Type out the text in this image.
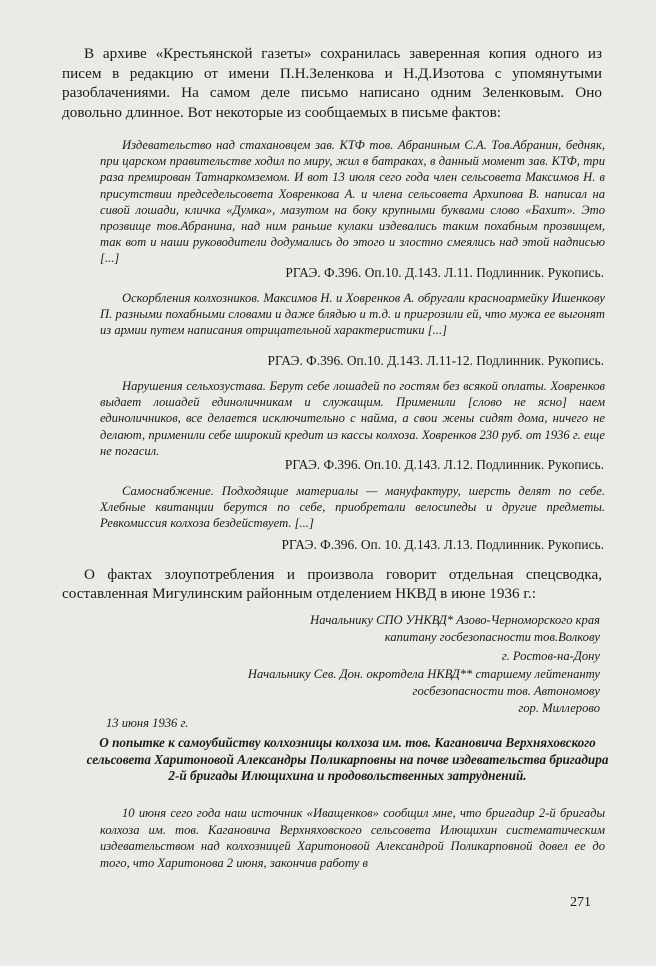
В архиве «Крестьянской газеты» сохранилась заверенная копия одного из писем в редакцию от имени П.Н.Зеленкова и Н.Д.Изотова с упомянутыми разоблачениями. На самом деле письмо написано одним Зеленковым. Оно довольно длинное. Вот некоторые из сообщаемых в письме фактов:

Издевательство над стахановцем зав. КТФ тов. Абраниным С.А. Тов.Абранин, бедняк, при царском правительстве ходил по миру, жил в батраках, в данный момент зав. КТФ, три раза премирован Татнаркомземом. И вот 13 июля сего года член сельсовета Максимов Н. в присутствии председельсовета Ховренкова А. и члена сельсовета Архипова В. написал на сивой лошади, кличка «Думка», мазутом на боку крупными буквами слово «Бахит». Это прозвище тов.Абранина, над ним раньше кулаки издевались таким похабным прозвищем, так вот и наши руководители додумались до этого и злостно смеялись над этой надписью [...]

РГАЭ. Ф.396. Оп.10. Д.143. Л.11. Подлинник. Рукопись.

Оскорбления колхозников. Максимов Н. и Ховренков А. обругали красноармейку Ишенкову П. разными похабными словами и даже блядью и т.д. и пригрозили ей, что мужа ее выгонят из армии путем написания отрицательной характеристики [...]

РГАЭ. Ф.396. Оп.10. Д.143. Л.11-12. Подлинник. Рукопись.

Нарушения сельхозустава. Берут себе лошадей по гостям без всякой оплаты. Ховренков выдает лошадей единоличникам и служащим. Применили [слово не ясно] наем единоличников, все делается исключительно с найма, а свои жены сидят дома, ничего не делают, применили себе широкий кредит из кассы колхоза. Ховренков 230 руб. от 1936 г. еще не погасил.

РГАЭ. Ф.396. Оп.10. Д.143. Л.12. Подлинник. Рукопись.

Самоснабжение. Подходящие материалы — мануфактуру, шерсть делят по себе. Хлебные квитанции берутся по себе, приобретали велосипеды и другие предметы. Ревкомиссия колхоза бездействует. [...]

РГАЭ. Ф.396. Оп. 10. Д.143. Л.13. Подлинник. Рукопись.

О фактах злоупотребления и произвола говорит отдельная спецсводка, составленная Мигулинским районным отделением НКВД в июне 1936 г.:

Начальнику СПО УНКВД* Азово-Черноморского края
капитану госбезопасности тов.Волкову

г. Ростов-на-Дону

Начальнику Сев. Дон. окротдела НКВД** старшему лейтенанту
госбезопасности тов. Автономову

гор. Миллерово

13 июня 1936 г.

О попытке к самоубийству колхозницы колхоза им. тов. Кагановича Верхняховского сельсовета Харитоновой Александры Поликарповны на почве издевательства бригадира 2-й бригады Илющихина и продовольственных затруднений.

10 июня сего года наш источник «Иващенков» сообщил мне, что бригадир 2-й бригады колхоза им. тов. Кагановича Верхняховского сельсовета Илющихин систематическим издевательством над колхозницей Харитоновой Александрой Поликарповной довел ее до того, что Харитонова 2 июня, закончив работу в

271
